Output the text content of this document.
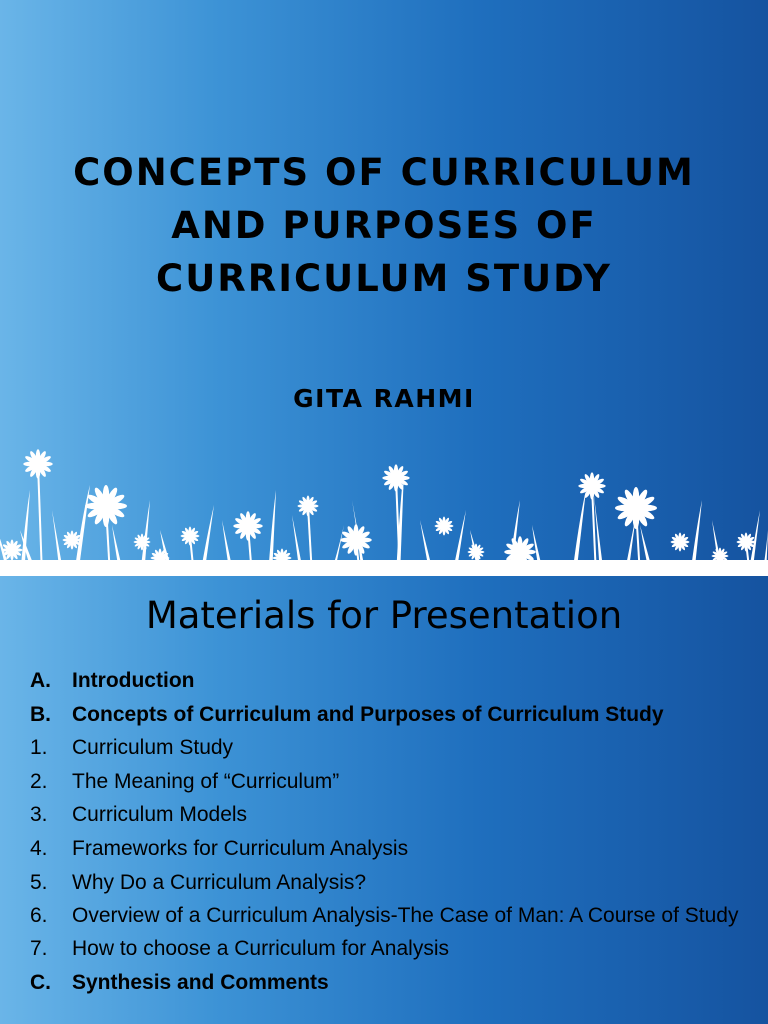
CONCEPTS OF CURRICULUM
AND PURPOSES OF
CURRICULUM STUDY
GITA RAHMI
Materials for Presentation
A.	Introduction
B.	Concepts of Curriculum and Purposes of Curriculum Study
1.	Curriculum Study
2.	The Meaning of “Curriculum”
3.	Curriculum Models
4.	Frameworks for Curriculum Analysis
5.	Why Do a Curriculum Analysis?
6.	Overview of a Curriculum Analysis-The Case of Man: A Course of Study
7.	How to choose a Curriculum for Analysis
C.	Synthesis and Comments
